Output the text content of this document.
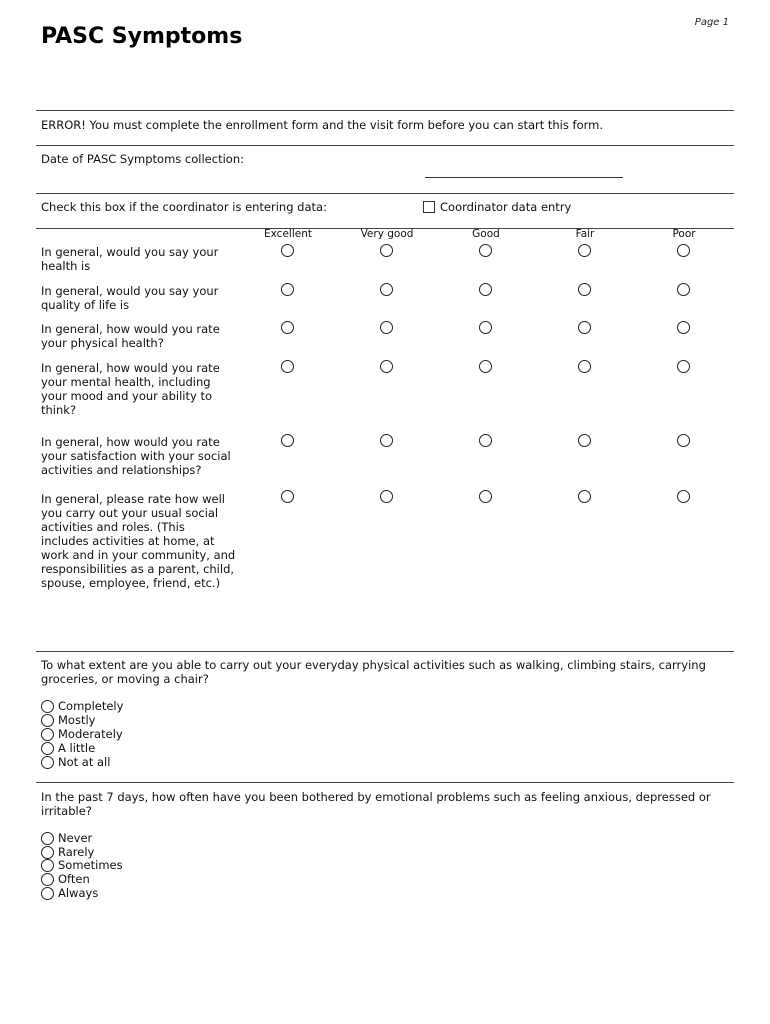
Page 1
PASC Symptoms
ERROR! You must complete the enrollment form and the visit form before you can start this form.
Date of PASC Symptoms collection:
Check this box if the coordinator is entering data:	Coordinator data entry
Excellent	Very good	Good	Fair	Poor
In general, would you say your health is
In general, would you say your quality of life is
In general, how would you rate your physical health?
In general, how would you rate your mental health, including your mood and your ability to think?
In general, how would you rate your satisfaction with your social activities and relationships?
In general, please rate how well you carry out your usual social activities and roles. (This includes activities at home, at work and in your community, and responsibilities as a parent, child, spouse, employee, friend, etc.)
To what extent are you able to carry out your everyday physical activities such as walking, climbing stairs, carrying groceries, or moving a chair?
Completely
Mostly
Moderately
A little
Not at all
In the past 7 days, how often have you been bothered by emotional problems such as feeling anxious, depressed or irritable?
Never
Rarely
Sometimes
Often
Always
